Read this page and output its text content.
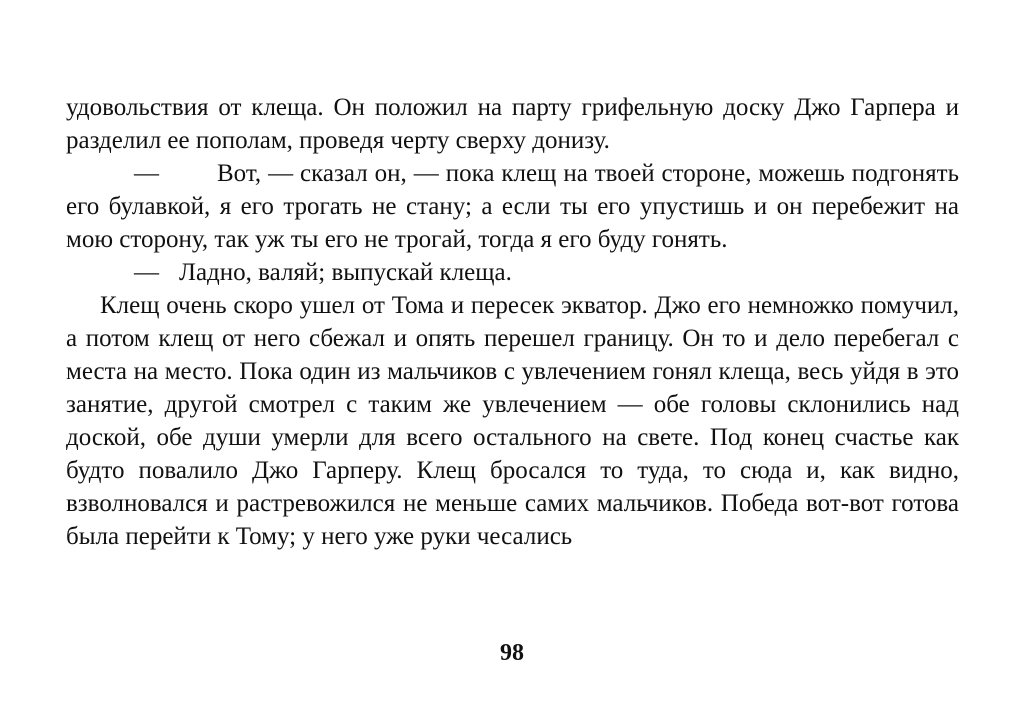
удовольствия от клеща. Он положил на парту грифельную доску Джо Гарпера и разделил ее пополам, проведя черту сверху донизу.

— Вот, — сказал он, — пока клещ на твоей стороне, можешь подгонять его булавкой, я его трогать не стану; а если ты его упустишь и он перебежит на мою сторону, так уж ты его не трогай, тогда я его буду гонять.

— Ладно, валяй; выпускай клеща.

Клещ очень скоро ушел от Тома и пересек экватор. Джо его немножко помучил, а потом клещ от него сбежал и опять перешел границу. Он то и дело перебегал с места на место. Пока один из мальчиков с увлечением гонял клеща, весь уйдя в это занятие, другой смотрел с таким же увлечением — обе головы склонились над доской, обе души умерли для всего остального на свете. Под конец счастье как будто повалило Джо Гарперу. Клещ бросался то туда, то сюда и, как видно, взволновался и растревожился не меньше самих мальчиков. Победа вот-вот готова была перейти к Тому; у него уже руки чесались

98
